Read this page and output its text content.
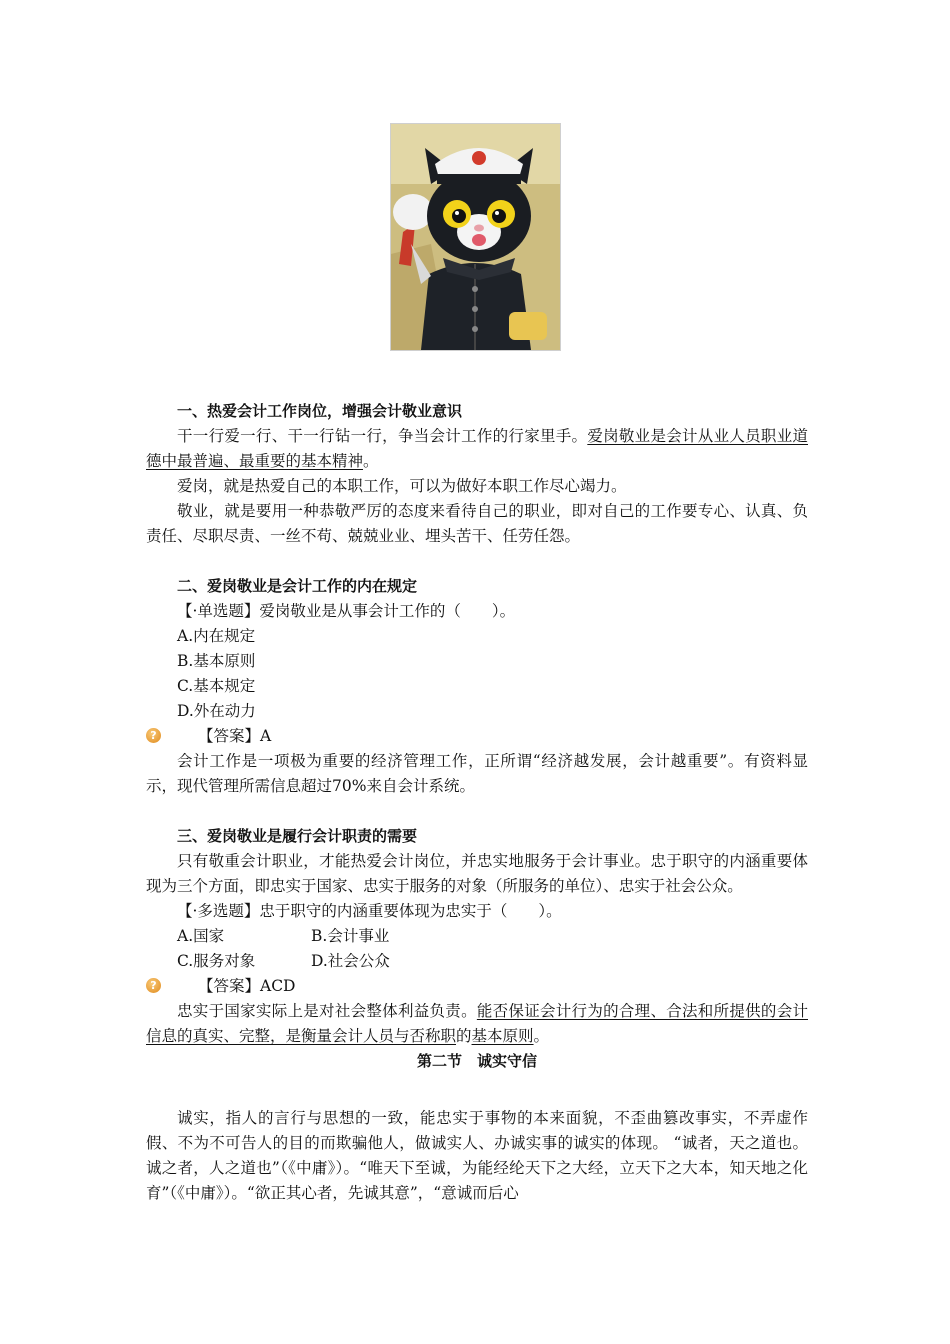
一、热爱会计工作岗位，增强会计敬业意识

干一行爱一行、干一行钻一行，争当会计工作的行家里手。爱岗敬业是会计从业人员职业道德中最普遍、最重要的基本精神。

爱岗，就是热爱自己的本职工作，可以为做好本职工作尽心竭力。

敬业，就是要用一种恭敬严厉的态度来看待自己的职业，即对自己的工作要专心、认真、负责任、尽职尽责、一丝不苟、兢兢业业、埋头苦干、任劳任怨。

二、爱岗敬业是会计工作的内在规定

【·单选题】爱岗敬业是从事会计工作的（　　）。

A.内在规定

B.基本原则

C.基本规定

D.外在动力

?	【答案】A

会计工作是一项极为重要的经济管理工作，正所谓“经济越发展，会计越重要”。有资料显示，现代管理所需信息超过70%来自会计系统。

三、爱岗敬业是履行会计职责的需要

只有敬重会计职业，才能热爱会计岗位，并忠实地服务于会计事业。忠于职守的内涵重要体现为三个方面，即忠实于国家、忠实于服务的对象（所服务的单位）、忠实于社会公众。

【·多选题】忠于职守的内涵重要体现为忠实于（　　）。

A.国家	B.会计事业

C.服务对象	D.社会公众

?	【答案】ACD

忠实于国家实际上是对社会整体利益负责。能否保证会计行为的合理、合法和所提供的会计信息的真实、完整，是衡量会计人员与否称职的基本原则。

第二节　诚实守信

诚实，指人的言行与思想的一致，能忠实于事物的本来面貌，不歪曲篡改事实，不弄虚作假、不为不可告人的目的而欺骗他人，做诚实人、办诚实事的诚实的体现。 “诚者，天之道也。诚之者，人之道也”（《中庸》）。“唯天下至诚，为能经纶天下之大经，立天下之大本，知天地之化育”（《中庸》）。“欲正其心者，先诚其意”，“意诚而后心
